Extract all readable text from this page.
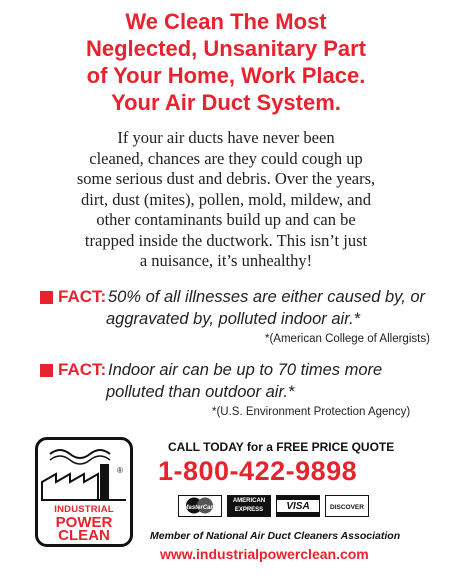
We Clean The Most
Neglected, Unsanitary Part
of Your Home, Work Place.
Your Air Duct System.
If your air ducts have never been
cleaned, chances are they could cough up
some serious dust and debris. Over the years,
dirt, dust (mites), pollen, mold, mildew, and
other contaminants build up and can be
trapped inside the ductwork. This isn’t just
a nuisance, it’s unhealthy!
FACT: 50% of all illnesses are either caused by, or
aggravated by, polluted indoor air.*
*(American College of Allergists)
FACT: Indoor air can be up to 70 times more
polluted than outdoor air.*
*(U.S. Environment Protection Agency)
®
INDUSTRIAL
POWER
CLEAN
CALL TODAY for a FREE PRICE QUOTE
1-800-422-9898
MasterCard
AMERICAN
EXPRESS	VISA	DISCOVER
Member of National Air Duct Cleaners Association
www.industrialpowerclean.com
